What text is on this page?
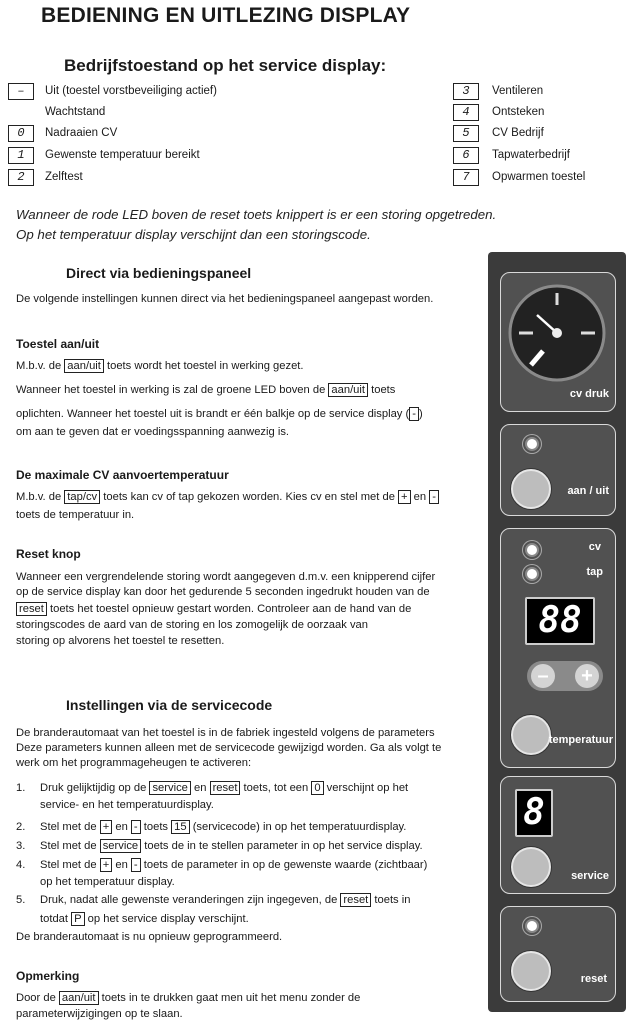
BEDIENING EN UITLEZING DISPLAY
Bedrijfstoestand op het service display:
–	Uit (toestel vorstbeveiliging actief)
Wachtstand
0	Nadraaien CV
1	Gewenste temperatuur bereikt
2	Zelftest
3	Ventileren
4	Ontsteken
5	CV Bedrijf
6	Tapwaterbedrijf
7	Opwarmen toestel
Wanneer de rode LED boven de reset toets knippert is er een storing opgetreden.
Op het temperatuur display verschijnt dan een storingscode.
Direct via bedieningspaneel
De volgende instellingen kunnen direct via het bedieningspaneel aangepast worden.
Toestel aan/uit
M.b.v. de aan/uit toets wordt het toestel in werking gezet.
Wanneer het toestel in werking is zal de groene LED boven de aan/uit toets
oplichten. Wanneer het toestel uit is brandt er één balkje op de service display ( - )
om aan te geven dat er voedingsspanning aanwezig is.
De maximale CV aanvoertemperatuur
M.b.v. de tap/cv toets kan cv of tap gekozen worden. Kies cv en stel met de + en -
toets de temperatuur in.
Reset knop
Wanneer een vergrendelende storing wordt aangegeven d.m.v. een knipperend cijfer
op de service display kan door het gedurende 5 seconden ingedrukt houden van de
reset toets het toestel opnieuw gestart worden. Controleer aan de hand van de
storingscodes de aard van de storing en los zomogelijk de oorzaak van
storing op alvorens het toestel te resetten.
Instellingen via de servicecode
De branderautomaat van het toestel is in de fabriek ingesteld volgens de parameters
Deze parameters kunnen alleen met de servicecode gewijzigd worden. Ga als volgt te
werk om het programmageheugen te activeren:
1. Druk gelijktijdig op de service en reset toets, tot een 0 verschijnt op het
service- en het temperatuurdisplay.
2. Stel met de + en - toets 15 (servicecode) in op het temperatuurdisplay.
3. Stel met de service toets de in te stellen parameter in op het service display.
4. Stel met de + en - toets de parameter in op de gewenste waarde (zichtbaar)
op het temperatuur display.
5. Druk, nadat alle gewenste veranderingen zijn ingegeven, de reset toets in
totdat P op het service display verschijnt.
De branderautomaat is nu opnieuw geprogrammeerd.
Opmerking
Door de aan/uit toets in te drukken gaat men uit het menu zonder de
parameterwijzigingen op te slaan.
cv druk
aan / uit
cv
tap
88
–	+
temperatuur
8
service
reset
